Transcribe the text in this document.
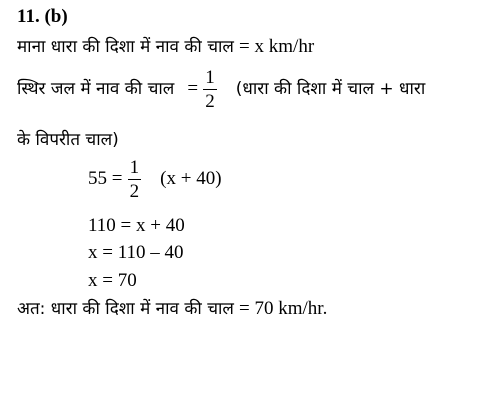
11. (b)
माना धारा की दिशा में नाव की चाल = x km/hr
स्थिर जल में नाव की चाल = $\frac{1}{2}$ (धारा की दिशा में चाल + धारा
के विपरीत चाल)
$55 = \frac{1}{2} (x + 40)$
110 = x + 40
x = 110 – 40
x = 70
अत: धारा की दिशा में नाव की चाल = 70 km/hr.
